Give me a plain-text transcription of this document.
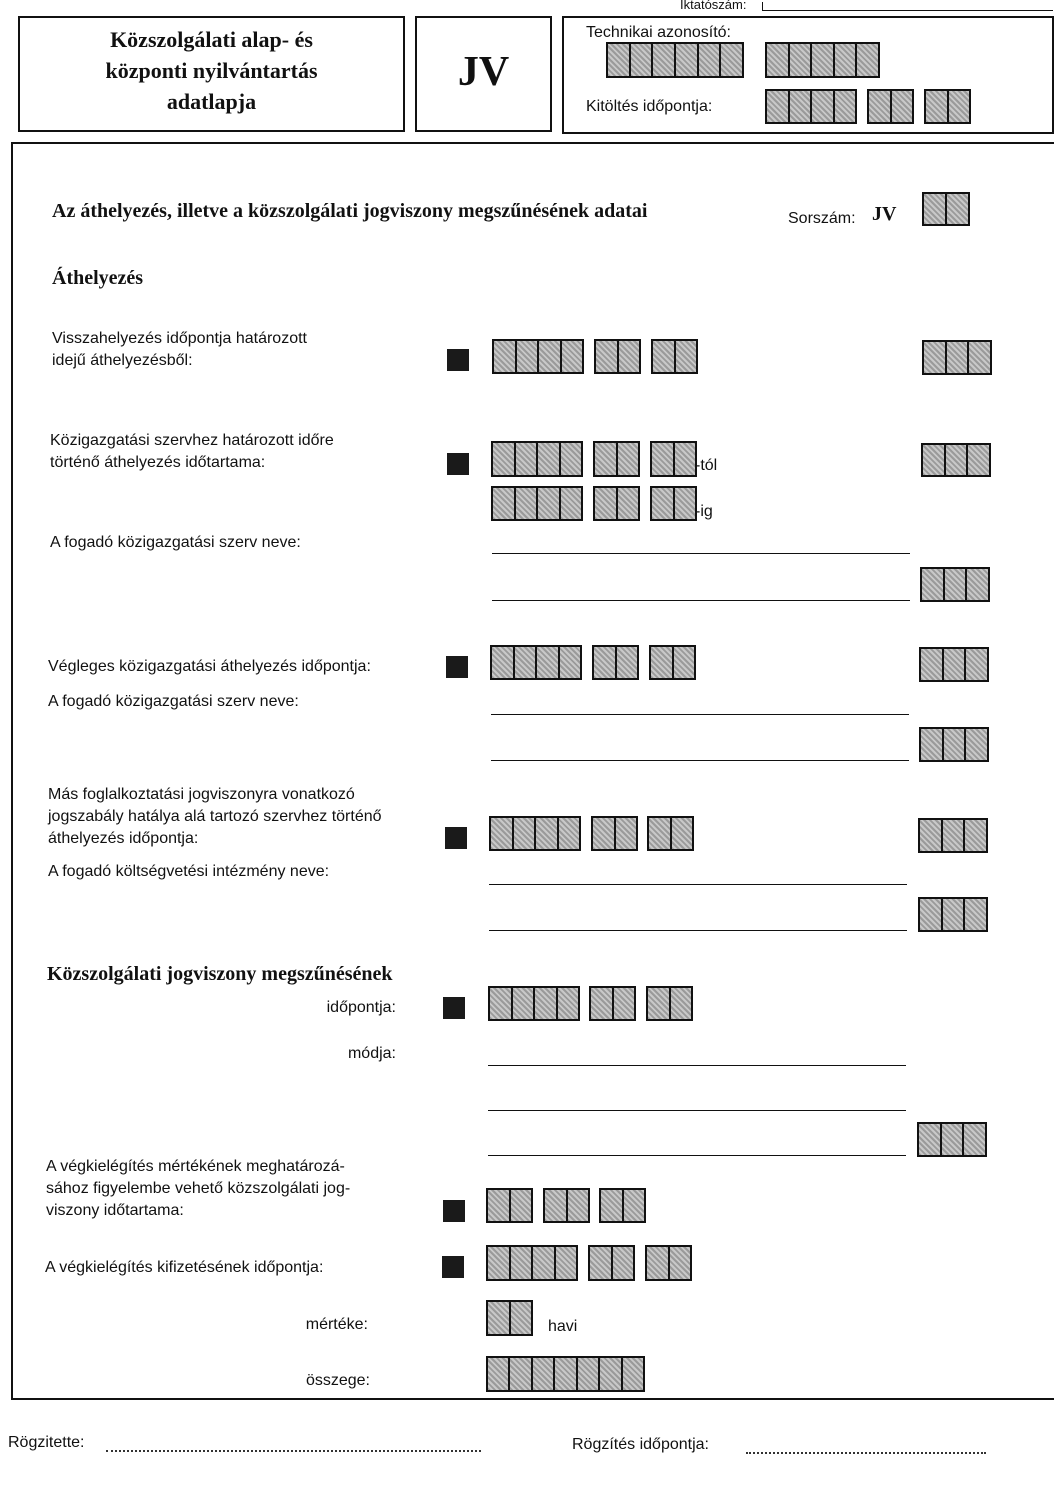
Iktatószám:
Közszolgálati alap- és
központi nyilvántartás
adatlapja
JV
Technikai azonosító:
Kitöltés időpontja:
Az áthelyezés, illetve a közszolgálati jogviszony megszűnésének adatai	Sorszám: JV
Áthelyezés
Visszahelyezés időpontja határozott
idejű áthelyezésből:
Közigazgatási szervhez határozott időre
történő áthelyezés időtartama:	-tól
-ig
A fogadó közigazgatási szerv neve:
Végleges közigazgatási áthelyezés időpontja:
A fogadó közigazgatási szerv neve:
Más foglalkoztatási jogviszonyra vonatkozó
jogszabály hatálya alá tartozó szervhez történő
áthelyezés időpontja:
A fogadó költségvetési intézmény neve:
Közszolgálati jogviszony megszűnésének
időpontja:
módja:
A végkielégítés mértékének meghatározá-
sához figyelembe vehető közszolgálati jog-
viszony időtartama:
A végkielégítés kifizetésének időpontja:
mértéke:	havi
összege:
Rögzitette:	Rögzítés időpontja:
